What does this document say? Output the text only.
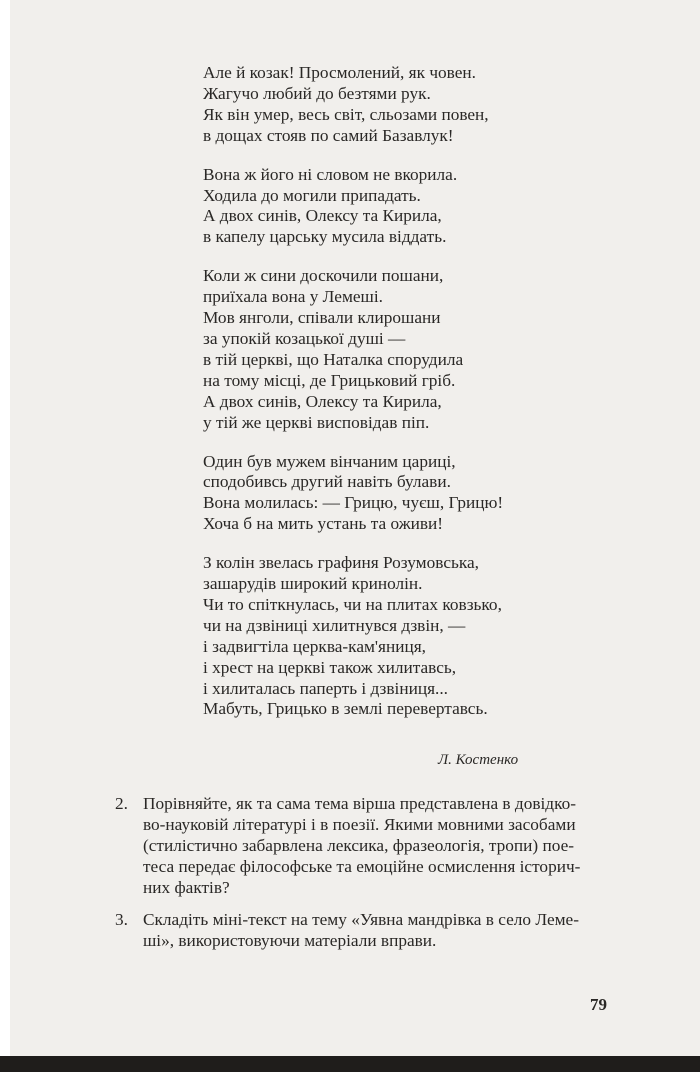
Але й козак! Просмолений, як човен.
Жагучо любий до безтями рук.
Як він умер, весь світ, сльозами повен,
в дощах стояв по самий Базавлук!
Вона ж його ні словом не вкорила.
Ходила до могили припадать.
А двох синів, Олексу та Кирила,
в капелу царську мусила віддать.
Коли ж сини доскочили пошани,
приїхала вона у Лемеші.
Мов янголи, співали клирошани
за упокій козацької душі —
в тій церкві, що Наталка спорудила
на тому місці, де Грицьковий гріб.
А двох синів, Олексу та Кирила,
у тій же церкві висповідав піп.
Один був мужем вінчаним цариці,
сподобивсь другий навіть булави.
Вона молилась: — Грицю, чуєш, Грицю!
Хоча б на мить устань та оживи!
З колін звелась графиня Розумовська,
зашарудів широкий кринолін.
Чи то спіткнулась, чи на плитах ковзько,
чи на дзвіниці хилитнувся дзвін, —
і задвигтіла церква-кам'яниця,
і хрест на церкві також хилитавсь,
і хилиталась паперть і дзвіниця...
Мабуть, Грицько в землі перевертавсь.
Л. Костенко
2. Порівняйте, як та сама тема вірша представлена в довідко-
во-науковій літературі і в поезії. Якими мовними засобами
(стилістично забарвлена лексика, фразеологія, тропи) пое-
теса передає філософське та емоційне осмислення історич-
них фактів?
3. Складіть міні-текст на тему «Уявна мандрівка в село Леме-
ші», використовуючи матеріали вправи.
79
